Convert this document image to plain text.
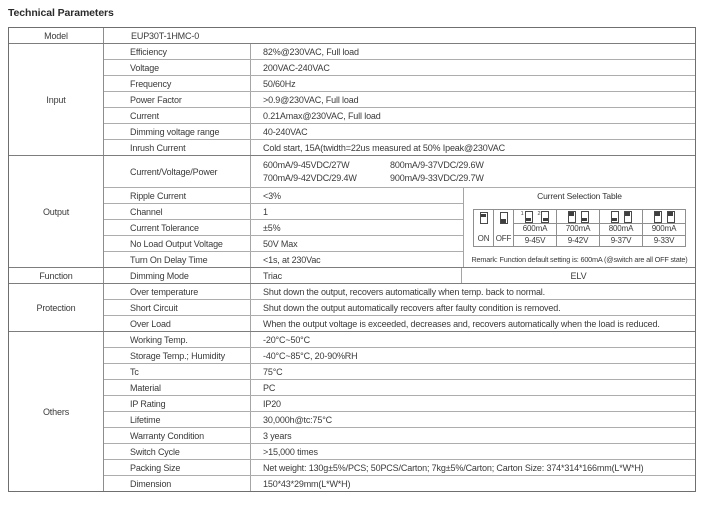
Technical Parameters
Model	EUP30T-1HMC-0
Input
Efficiency	82%@230VAC, Full load
Voltage	200VAC-240VAC
Frequency	50/60Hz
Power Factor	>0.9@230VAC, Full load
Current	0.21Amax@230VAC, Full load
Dimming voltage range	40-240VAC
Inrush Current	Cold start, 15A(twidth=22us measured at 50% Ipeak@230VAC
Output
Current/Voltage/Power
600mA/9-45VDC/27W	800mA/9-37VDC/29.6W
700mA/9-42VDC/29.4W	900mA/9-33VDC/29.7W
Ripple Current	<3%
Channel	1
Current Tolerance	±5%
No Load Output Voltage	50V Max
Turn On Delay Time	<1s, at 230Vac
Current Selection Table
ON	OFF	$^1$ $^2$			
		600mA	700mA	800mA	900mA
		9-45V	9-42V	9-37V	9-33V
Remark: Function default setting is: 600mA (@switch are all OFF state)
Function	Dimming Mode	Triac	ELV
Protection
Over temperature	Shut down the output, recovers automatically when temp. back to normal.
Short Circuit	Shut down the output automatically recovers after faulty condition is removed.
Over Load	When the output voltage is exceeded, decreases and, recovers automatically when the load is reduced.
Others
Working Temp.	-20°C~50°C
Storage Temp.; Humidity	-40°C~85°C, 20-90%RH
Tc	75°C
Material	PC
IP Rating	IP20
Lifetime	30,000h@tc:75°C
Warranty Condition	3 years
Switch Cycle	>15,000 times
Packing Size	Net weight: 130g±5%/PCS; 50PCS/Carton; 7kg±5%/Carton; Carton Size: 374*314*166mm(L*W*H)
Dimension	150*43*29mm(L*W*H)
